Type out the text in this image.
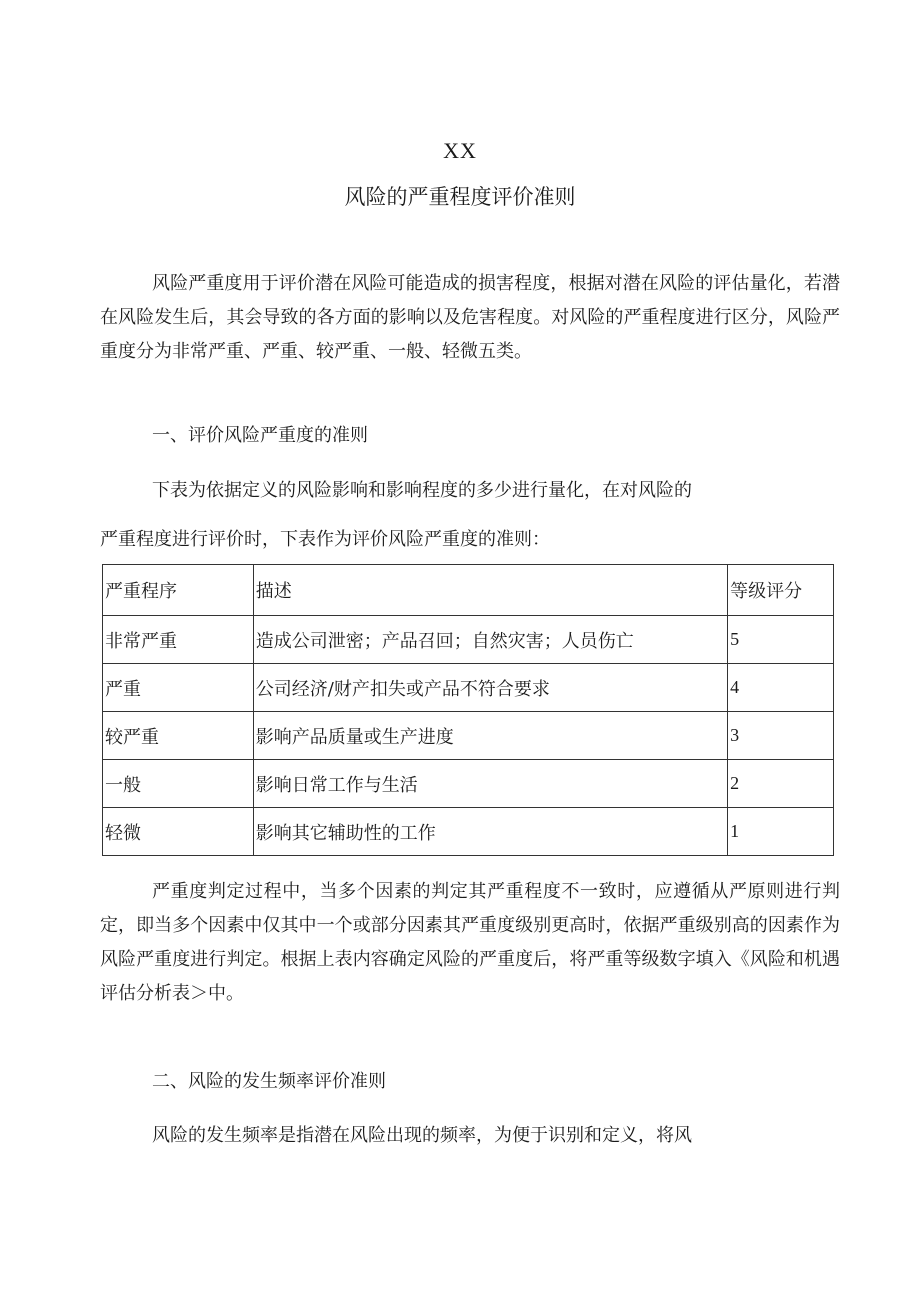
XX
风险的严重程度评价准则

风险严重度用于评价潜在风险可能造成的损害程度，根据对潜在风险的评估量化，若潜在风险发生后，其会导致的各方面的影响以及危害程度。对风险的严重程度进行区分，风险严重度分为非常严重、严重、较严重、一般、轻微五类。

一、评价风险严重度的准则

下表为依据定义的风险影响和影响程度的多少进行量化，在对风险的

严重程度进行评价时，下表作为评价风险严重度的准则：

严重程序	描述	等级评分
非常严重	造成公司泄密；产品召回；自然灾害；人员伤亡	5
严重	公司经济/财产扣失或产品不符合要求	4
较严重	影响产品质量或生产进度	3
一般	影响日常工作与生活	2
轻微	影响其它辅助性的工作	1

严重度判定过程中，当多个因素的判定其严重程度不一致时，应遵循从严原则进行判定，即当多个因素中仅其中一个或部分因素其严重度级别更高时，依据严重级别高的因素作为风险严重度进行判定。根据上表内容确定风险的严重度后，将严重等级数字填入《风险和机遇评估分析表＞中。

二、风险的发生频率评价准则

风险的发生频率是指潜在风险出现的频率，为便于识别和定义，将风
